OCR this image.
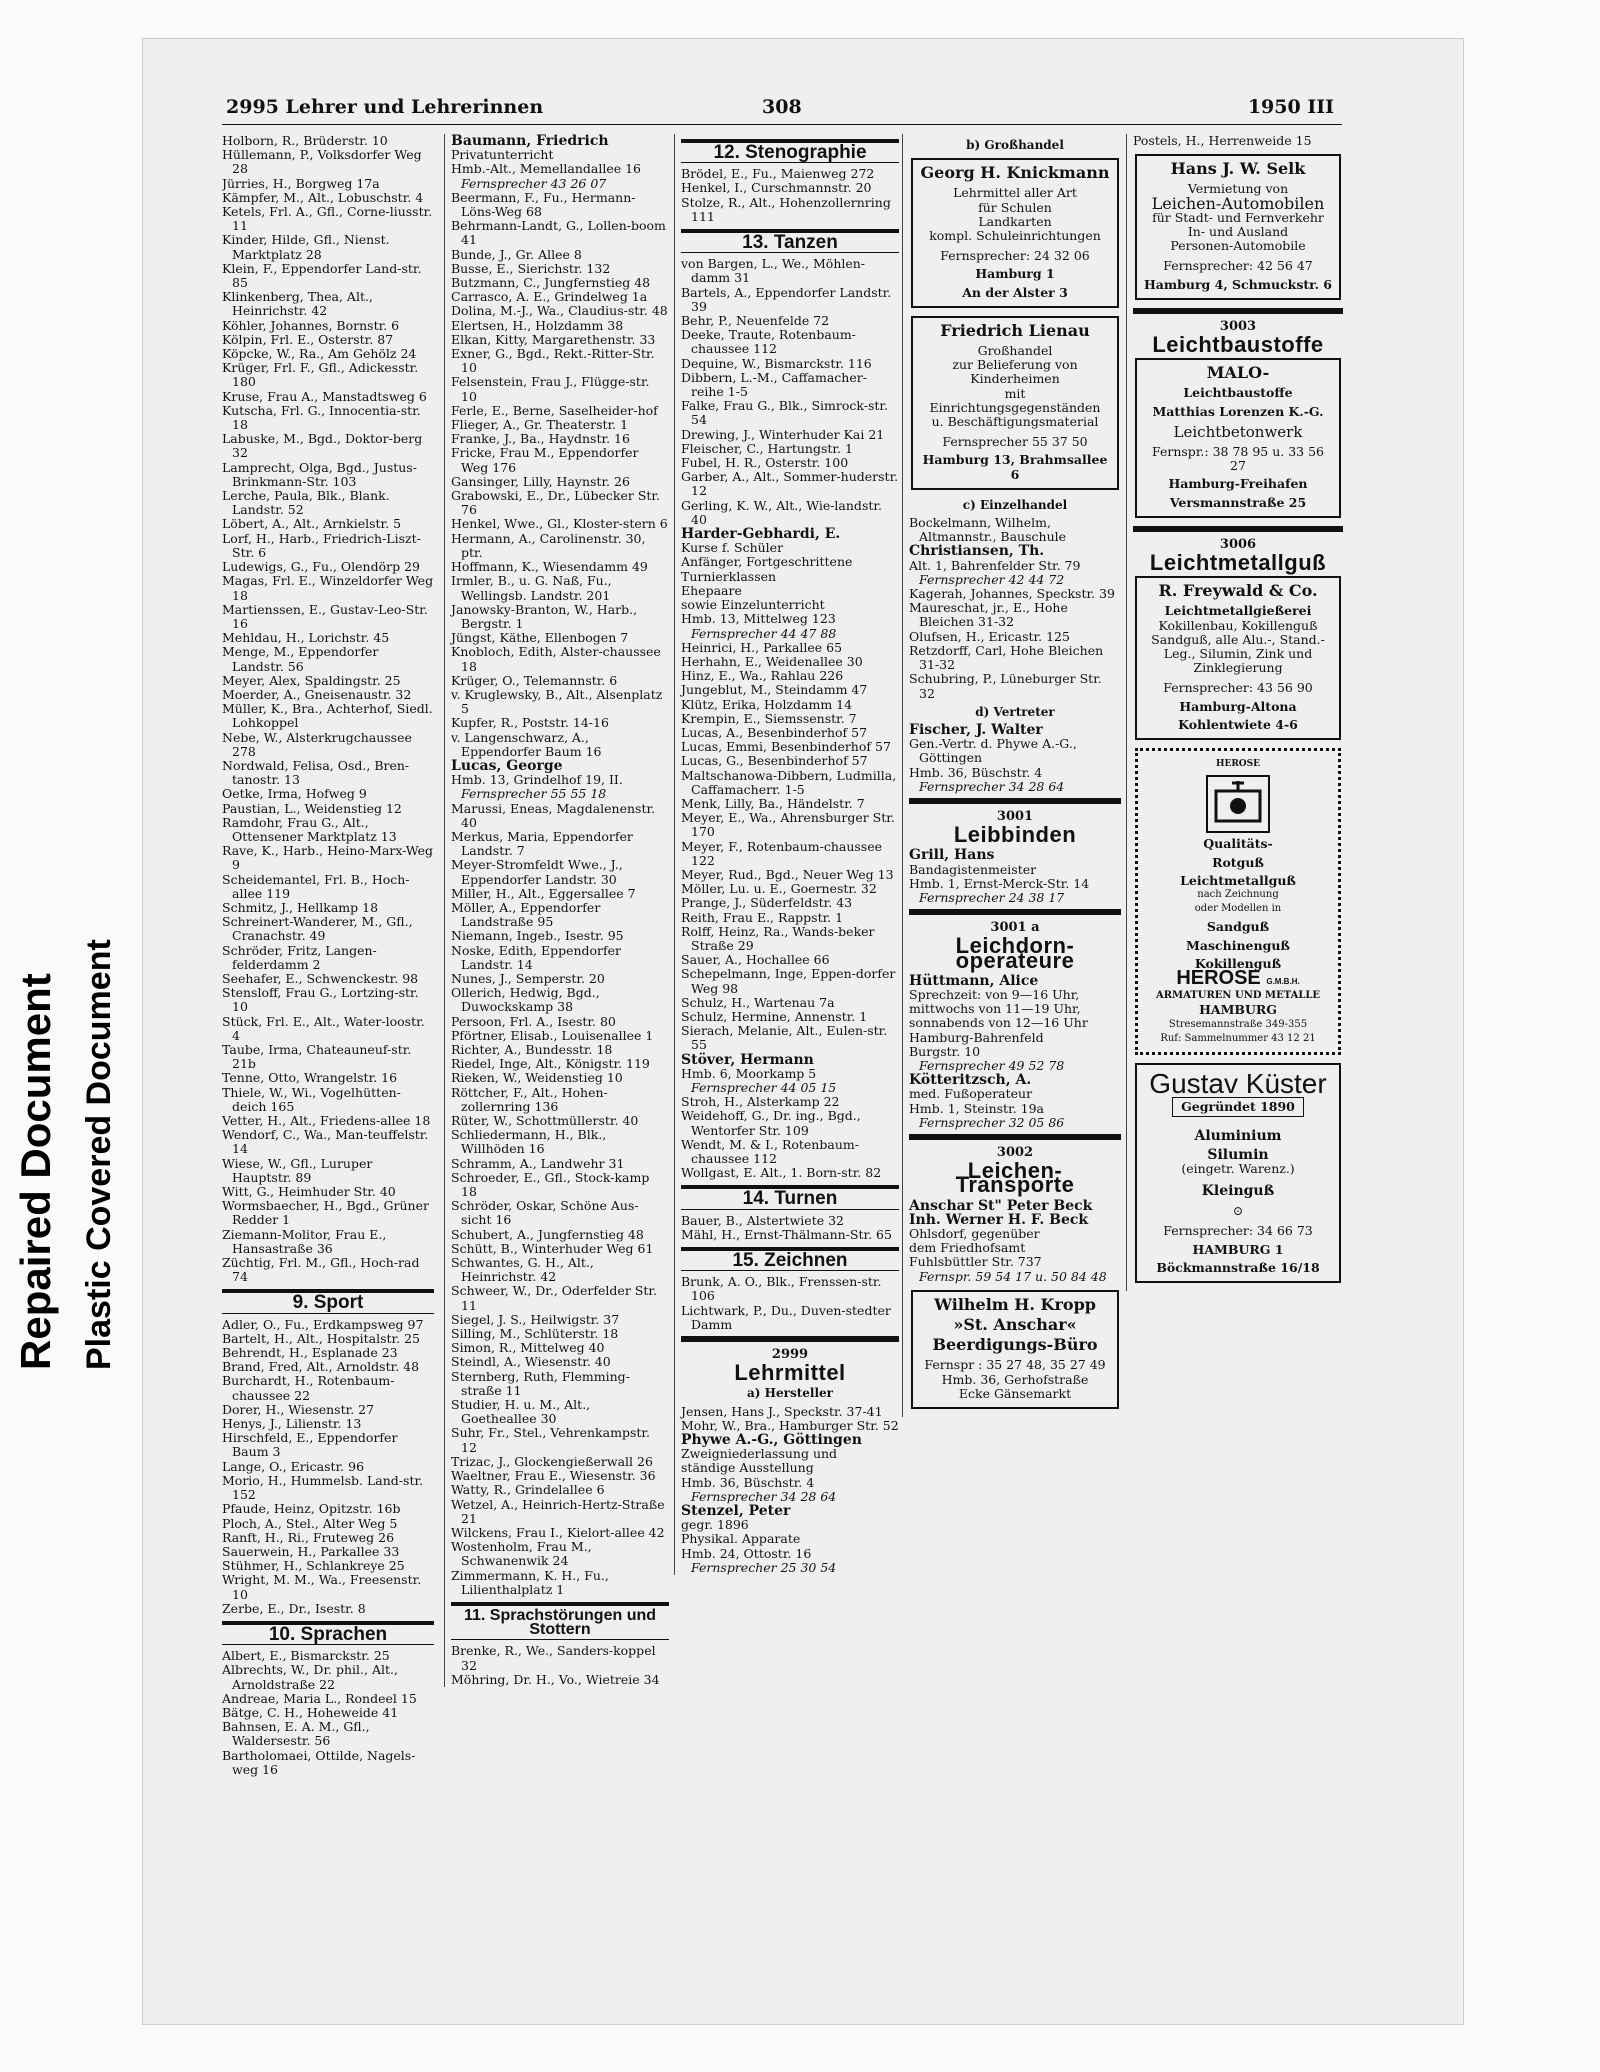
Repaired Document Plastic Covered Document
2995 Lehrer und Lehrerinnen	308	1950 III
Holborn, R., Brüderstr. 10
Hüllemann, P., Volksdorfer Weg 28
Jürries, H., Borgweg 17a
Kämpfer, M., Alt., Lobuschstr. 4
Ketels, Frl. A., Gfl., Corne-liusstr. 11
Kinder, Hilde, Gfl., Nienst. Marktplatz 28
Klein, F., Eppendorfer Land-str. 85
Klinkenberg, Thea, Alt., Heinrichstr. 42
Köhler, Johannes, Bornstr. 6
Kölpin, Frl. E., Osterstr. 87
Köpcke, W., Ra., Am Gehölz 24
Krüger, Frl. F., Gfl., Adickesstr. 180
Kruse, Frau A., Manstadtsweg 6
Kutscha, Frl. G., Innocentia-str. 18
Labuske, M., Bgd., Doktor-berg 32
Lamprecht, Olga, Bgd., Justus-Brinkmann-Str. 103
Lerche, Paula, Blk., Blank. Landstr. 52
Löbert, A., Alt., Arnkielstr. 5
Lorf, H., Harb., Friedrich-Liszt-Str. 6
Ludewigs, G., Fu., Olendörp 29
Magas, Frl. E., Winzeldorfer Weg 18
Martienssen, E., Gustav-Leo-Str. 16
Mehldau, H., Lorichstr. 45
Menge, M., Eppendorfer Landstr. 56
Meyer, Alex, Spaldingstr. 25
Moerder, A., Gneisenaustr. 32
Müller, K., Bra., Achterhof, Siedl. Lohkoppel
Nebe, W., Alsterkrugchaussee 278
Nordwald, Felisa, Osd., Bren-tanostr. 13
Oetke, Irma, Hofweg 9
Paustian, L., Weidenstieg 12
Ramdohr, Frau G., Alt., Ottensener Marktplatz 13
Rave, K., Harb., Heino-Marx-Weg 9
Scheidemantel, Frl. B., Hoch-allee 119
Schmitz, J., Hellkamp 18
Schreinert-Wanderer, M., Gfl., Cranachstr. 49
Schröder, Fritz, Langen-felderdamm 2
Seehafer, E., Schwenckestr. 98
Stensloff, Frau G., Lortzing-str. 10
Stück, Frl. E., Alt., Water-loostr. 4
Taube, Irma, Chateauneuf-str. 21b
Tenne, Otto, Wrangelstr. 16
Thiele, W., Wi., Vogelhütten-deich 165
Vetter, H., Alt., Friedens-allee 18
Wendorf, C., Wa., Man-teuffelstr. 14
Wiese, W., Gfl., Luruper Hauptstr. 89
Witt, G., Heimhuder Str. 40
Wormsbaecher, H., Bgd., Grüner Redder 1
Ziemann-Molitor, Frau E., Hansastraße 36
Züchtig, Frl. M., Gfl., Hoch-rad 74
9. Sport
Adler, O., Fu., Erdkampsweg 97
Bartelt, H., Alt., Hospitalstr. 25
Behrendt, H., Esplanade 23
Brand, Fred, Alt., Arnoldstr. 48
Burchardt, H., Rotenbaum-chaussee 22
Dorer, H., Wiesenstr. 27
Henys, J., Lilienstr. 13
Hirschfeld, E., Eppendorfer Baum 3
Lange, O., Ericastr. 96
Morio, H., Hummelsb. Land-str. 152
Pfaude, Heinz, Opitzstr. 16b
Ploch, A., Stel., Alter Weg 5
Ranft, H., Ri., Fruteweg 26
Sauerwein, H., Parkallee 33
Stühmer, H., Schlankreye 25
Wright, M. M., Wa., Freesenstr. 10
Zerbe, E., Dr., Isestr. 8
10. Sprachen
Albert, E., Bismarckstr. 25
Albrechts, W., Dr. phil., Alt., Arnoldstraße 22
Andreae, Maria L., Rondeel 15
Bätge, C. H., Hoheweide 41
Bahnsen, E. A. M., Gfl., Waldersestr. 56
Bartholomaei, Ottilde, Nagels-weg 16
Baumann, Friedrich
Privatunterricht
Hmb.-Alt., Memellandallee 16
Fernsprecher 43 26 07
Beermann, F., Fu., Hermann-Löns-Weg 68
Behrmann-Landt, G., Lollen-boom 41
Bunde, J., Gr. Allee 8
Busse, E., Sierichstr. 132
Butzmann, C., Jungfernstieg 48
Carrasco, A. E., Grindelweg 1a
Dolina, M.-J., Wa., Claudius-str. 48
Elertsen, H., Holzdamm 38
Elkan, Kitty, Margarethenstr. 33
Exner, G., Bgd., Rekt.-Ritter-Str. 10
Felsenstein, Frau J., Flügge-str. 10
Ferle, E., Berne, Saselheider-hof
Flieger, A., Gr. Theaterstr. 1
Franke, J., Ba., Haydnstr. 16
Fricke, Frau M., Eppendorfer Weg 176
Gansinger, Lilly, Haynstr. 26
Grabowski, E., Dr., Lübecker Str. 76
Henkel, Wwe., Gl., Kloster-stern 6
Hermann, A., Carolinenstr. 30, ptr.
Hoffmann, K., Wiesendamm 49
Irmler, B., u. G. Naß, Fu., Wellingsb. Landstr. 201
Janowsky-Branton, W., Harb., Bergstr. 1
Jüngst, Käthe, Ellenbogen 7
Knobloch, Edith, Alster-chaussee 18
Krüger, O., Telemannstr. 6
v. Kruglewsky, B., Alt., Alsenplatz 5
Kupfer, R., Poststr. 14-16
v. Langenschwarz, A., Eppendorfer Baum 16
Lucas, George
Hmb. 13, Grindelhof 19, II.
Fernsprecher 55 55 18
Marussi, Eneas, Magdalenenstr. 40
Merkus, Maria, Eppendorfer Landstr. 7
Meyer-Stromfeldt Wwe., J., Eppendorfer Landstr. 30
Miller, H., Alt., Eggersallee 7
Möller, A., Eppendorfer Landstraße 95
Niemann, Ingeb., Isestr. 95
Noske, Edith, Eppendorfer Landstr. 14
Nunes, J., Semperstr. 20
Ollerich, Hedwig, Bgd., Duwockskamp 38
Persoon, Frl. A., Isestr. 80
Pförtner, Elisab., Louisenallee 1
Richter, A., Bundesstr. 18
Riedel, Inge, Alt., Königstr. 119
Rieken, W., Weidenstieg 10
Röttcher, F., Alt., Hohen-zollernring 136
Rüter, W., Schottmüllerstr. 40
Schliedermann, H., Blk., Willhöden 16
Schramm, A., Landwehr 31
Schroeder, E., Gfl., Stock-kamp 18
Schröder, Oskar, Schöne Aus-sicht 16
Schubert, A., Jungfernstieg 48
Schütt, B., Winterhuder Weg 61
Schwantes, G. H., Alt., Heinrichstr. 42
Schweer, W., Dr., Oderfelder Str. 11
Siegel, J. S., Heilwigstr. 37
Silling, M., Schlüterstr. 18
Simon, R., Mittelweg 40
Steindl, A., Wiesenstr. 40
Sternberg, Ruth, Flemming-straße 11
Studier, H. u. M., Alt., Goetheallee 30
Suhr, Fr., Stel., Vehrenkampstr. 12
Trizac, J., Glockengießerwall 26
Waeltner, Frau E., Wiesenstr. 36
Watty, R., Grindelallee 6
Wetzel, A., Heinrich-Hertz-Straße 21
Wilckens, Frau I., Kielort-allee 42
Wostenholm, Frau M., Schwanenwik 24
Zimmermann, K. H., Fu., Lilienthalplatz 1
11. Sprachstörungen und Stottern
Brenke, R., We., Sanders-koppel 32
Möhring, Dr. H., Vo., Wietreie 34
12. Stenographie
Brödel, E., Fu., Maienweg 272
Henkel, I., Curschmannstr. 20
Stolze, R., Alt., Hohenzollernring 111
13. Tanzen
von Bargen, L., We., Möhlen-damm 31
Bartels, A., Eppendorfer Landstr. 39
Behr, P., Neuenfelde 72
Deeke, Traute, Rotenbaum-chaussee 112
Dequine, W., Bismarckstr. 116
Dibbern, L.-M., Caffamacher-reihe 1-5
Falke, Frau G., Blk., Simrock-str. 54
Drewing, J., Winterhuder Kai 21
Fleischer, C., Hartungstr. 1
Fubel, H. R., Osterstr. 100
Garber, A., Alt., Sommer-huderstr. 12
Gerling, K. W., Alt., Wie-landstr. 40
Harder-Gebhardi, E.
Kurse f. Schüler
Anfänger, Fortgeschrittene
Turnierklassen
Ehepaare
sowie Einzelunterricht
Hmb. 13, Mittelweg 123
Fernsprecher 44 47 88
Heinrici, H., Parkallee 65
Herhahn, E., Weidenallee 30
Hinz, E., Wa., Rahlau 226
Jungeblut, M., Steindamm 47
Klütz, Erika, Holzdamm 14
Krempin, E., Siemssenstr. 7
Lucas, A., Besenbinderhof 57
Lucas, Emmi, Besenbinderhof 57
Lucas, G., Besenbinderhof 57
Maltschanowa-Dibbern, Ludmilla, Caffamacherr. 1-5
Menk, Lilly, Ba., Händelstr. 7
Meyer, E., Wa., Ahrensburger Str. 170
Meyer, F., Rotenbaum-chaussee 122
Meyer, Rud., Bgd., Neuer Weg 13
Möller, Lu. u. E., Goernestr. 32
Prange, J., Süderfeldstr. 43
Reith, Frau E., Rappstr. 1
Rolff, Heinz, Ra., Wands-beker Straße 29
Sauer, A., Hochallee 66
Schepelmann, Inge, Eppen-dorfer Weg 98
Schulz, H., Wartenau 7a
Schulz, Hermine, Annenstr. 1
Sierach, Melanie, Alt., Eulen-str. 55
Stöver, Hermann
Hmb. 6, Moorkamp 5
Fernsprecher 44 05 15
Stroh, H., Alsterkamp 22
Weidehoff, G., Dr. ing., Bgd., Wentorfer Str. 109
Wendt, M. & I., Rotenbaum-chaussee 112
Wollgast, E. Alt., 1. Born-str. 82
14. Turnen
Bauer, B., Alstertwiete 32
Mähl, H., Ernst-Thälmann-Str. 65
15. Zeichnen
Brunk, A. O., Blk., Frenssen-str. 106
Lichtwark, P., Du., Duven-stedter Damm
2999
Lehrmittel
a) Hersteller
Jensen, Hans J., Speckstr. 37-41
Mohr, W., Bra., Hamburger Str. 52
Phywe A.-G., Göttingen
Zweigniederlassung und
ständige Ausstellung
Hmb. 36, Büschstr. 4
Fernsprecher 34 28 64
Stenzel, Peter
gegr. 1896
Physikal. Apparate
Hmb. 24, Ottostr. 16
Fernsprecher 25 30 54
b) Großhandel
Georg H. Knickmann
Lehrmittel aller Art
für Schulen
Landkarten
kompl. Schuleinrichtungen
Fernsprecher: 24 32 06
Hamburg 1
An der Alster 3
Friedrich Lienau
Großhandel
zur Belieferung von
Kinderheimen
mit
Einrichtungsgegenständen
u. Beschäftigungsmaterial
Fernsprecher 55 37 50
Hamburg 13, Brahmsallee 6
c) Einzelhandel
Bockelmann, Wilhelm, Altmannstr., Bauschule
Christiansen, Th.
Alt. 1, Bahrenfelder Str. 79
Fernsprecher 42 44 72
Kagerah, Johannes, Speckstr. 39
Maureschat, jr., E., Hohe Bleichen 31-32
Olufsen, H., Ericastr. 125
Retzdorff, Carl, Hohe Bleichen 31-32
Schubring, P., Lüneburger Str. 32
d) Vertreter
Fischer, J. Walter
Gen.-Vertr. d. Phywe A.-G., Göttingen
Hmb. 36, Büschstr. 4
Fernsprecher 34 28 64
3001
Leibbinden
Grill, Hans
Bandagistenmeister
Hmb. 1, Ernst-Merck-Str. 14
Fernsprecher 24 38 17
3001 a
Leichdorn-operateure
Hüttmann, Alice
Sprechzeit: von 9—16 Uhr,
mittwochs von 11—19 Uhr,
sonnabends von 12—16 Uhr
Hamburg-Bahrenfeld
Burgstr. 10
Fernsprecher 49 52 78
Kötteritzsch, A.
med. Fußoperateur
Hmb. 1, Steinstr. 19a
Fernsprecher 32 05 86
3002
Leichen-Transporte
Anschar St" Peter Beck
Inh. Werner H. F. Beck
Ohlsdorf, gegenüber
dem Friedhofsamt
Fuhlsbüttler Str. 737
Fernspr. 59 54 17 u. 50 84 48
Wilhelm H. Kropp
»St. Anschar«
Beerdigungs-Büro
Fernspr : 35 27 48, 35 27 49
Hmb. 36, Gerhofstraße
Ecke Gänsemarkt
Postels, H., Herrenweide 15
Hans J. W. Selk
Vermietung von
Leichen-Automobilen
für Stadt- und Fernverkehr
In- und Ausland
Personen-Automobile
Fernsprecher: 42 56 47
Hamburg 4, Schmuckstr. 6
3003
Leichtbaustoffe
MALO-
Leichtbaustoffe
Matthias Lorenzen K.-G.
Leichtbetonwerk
Fernspr.: 38 78 95 u. 33 56 27
Hamburg-Freihafen
Versmannstraße 25
3006
Leichtmetallguß
R. Freywald & Co.
Leichtmetallgießerei
Kokillenbau, Kokillenguß
Sandguß, alle Alu.-, Stand.-
Leg., Silumin, Zink und
Zinklegierung
Fernsprecher: 43 56 90
Hamburg-Altona
Kohlentwiete 4-6
HEROSE
Qualitäts-
Rotguß
Leichtmetallguß
nach Zeichnung
oder Modellen in
Sandguß
Maschinenguß
Kokillenguß
HEROSE G.M.B.H.
ARMATUREN UND METALLE
HAMBURG
Stresemannstraße 349-355
Ruf: Sammelnummer 43 12 21
Gustav Küster
Gegründet 1890
Aluminium
Silumin
(eingetr. Warenz.)
Kleinguß
⊙
Fernsprecher: 34 66 73
HAMBURG 1
Böckmannstraße 16/18
